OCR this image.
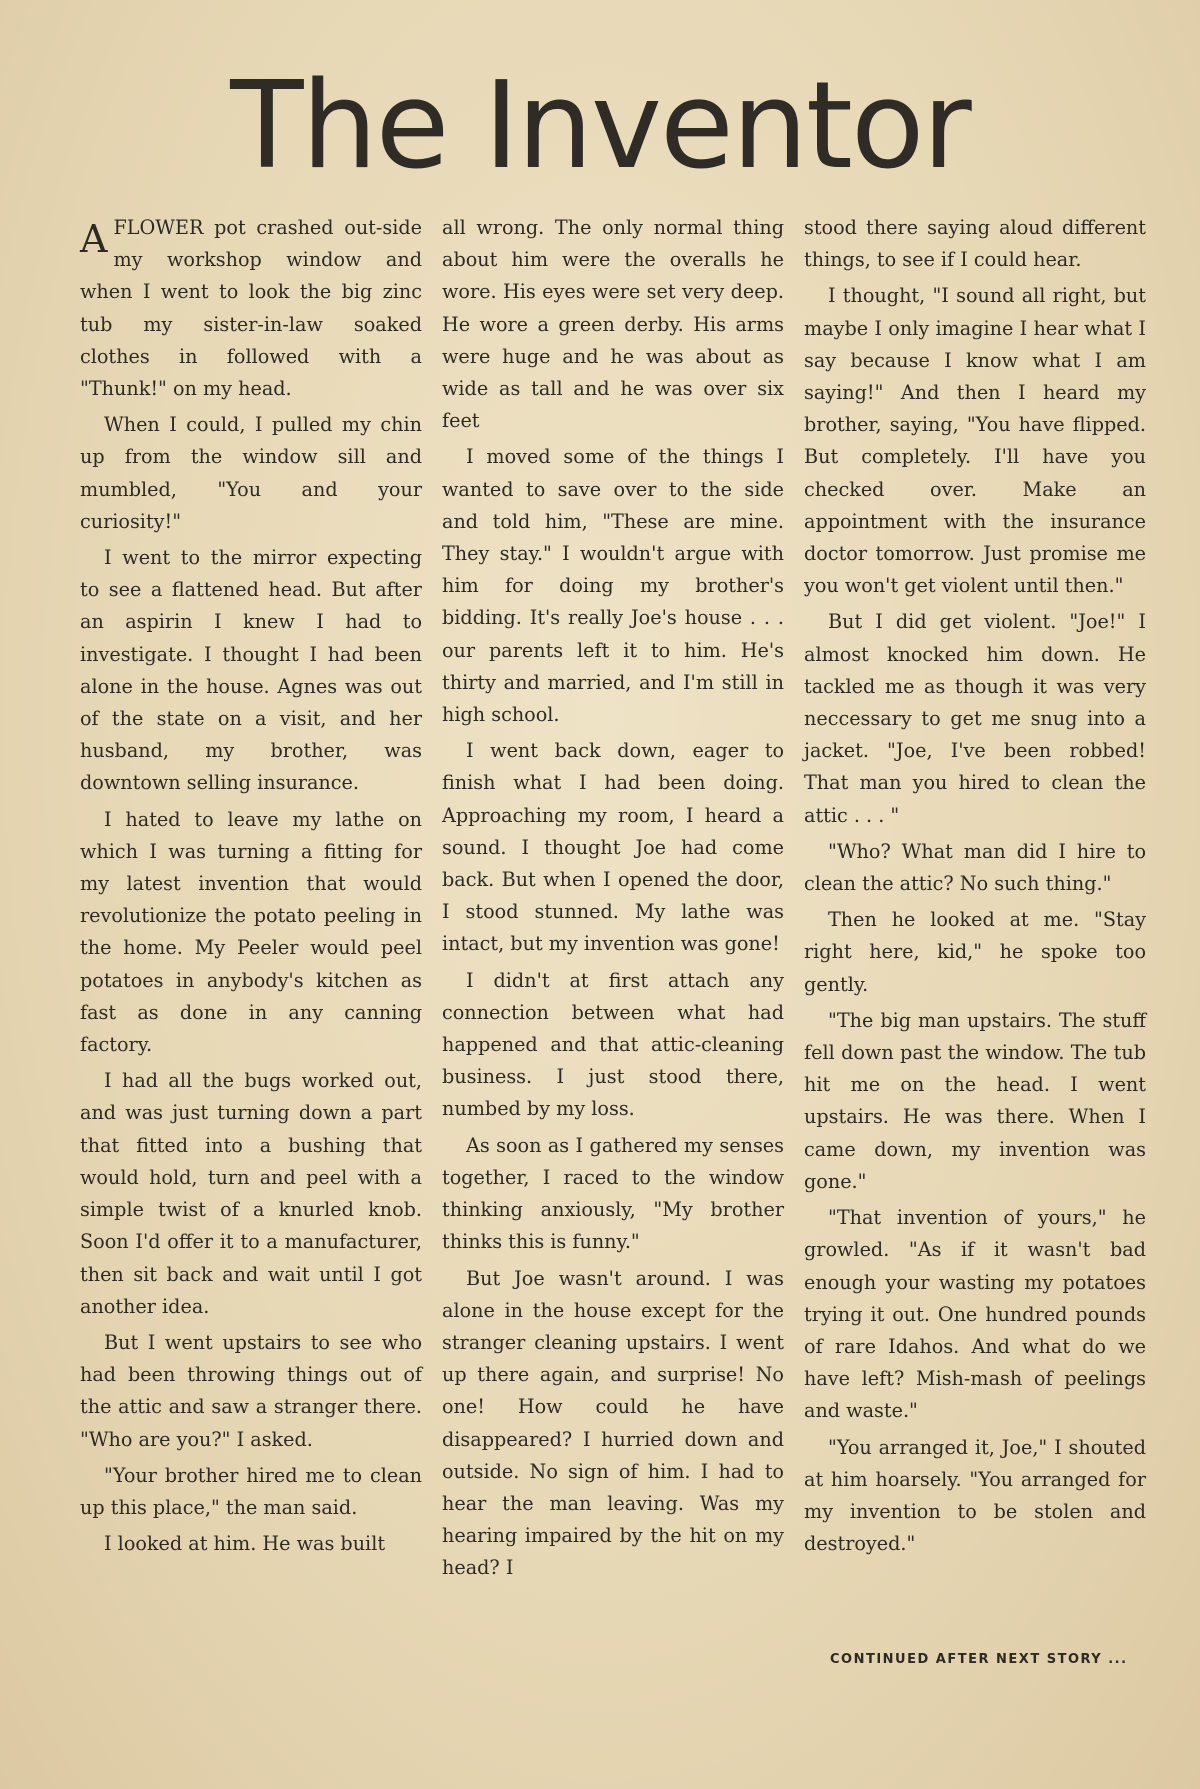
The Inventor

A FLOWER pot crashed out-side my workshop window and when I went to look the big zinc tub my sister-in-law soaked clothes in followed with a "Thunk!" on my head.

When I could, I pulled my chin up from the window sill and mumbled, "You and your curiosity!"

I went to the mirror expecting to see a flattened head. But after an aspirin I knew I had to investigate. I thought I had been alone in the house. Agnes was out of the state on a visit, and her husband, my brother, was downtown selling insurance.

I hated to leave my lathe on which I was turning a fitting for my latest invention that would revolutionize the potato peeling in the home. My Peeler would peel potatoes in anybody's kitchen as fast as done in any canning factory.

I had all the bugs worked out, and was just turning down a part that fitted into a bushing that would hold, turn and peel with a simple twist of a knurled knob. Soon I'd offer it to a manufacturer, then sit back and wait until I got another idea.

But I went upstairs to see who had been throwing things out of the attic and saw a stranger there. "Who are you?" I asked.

"Your brother hired me to clean up this place," the man said.

I looked at him. He was built

all wrong. The only normal thing about him were the overalls he wore. His eyes were set very deep. He wore a green derby. His arms were huge and he was about as wide as tall and he was over six feet

I moved some of the things I wanted to save over to the side and told him, "These are mine. They stay." I wouldn't argue with him for doing my brother's bidding. It's really Joe's house . . . our parents left it to him. He's thirty and married, and I'm still in high school.

I went back down, eager to finish what I had been doing. Approaching my room, I heard a sound. I thought Joe had come back. But when I opened the door, I stood stunned. My lathe was intact, but my invention was gone!

I didn't at first attach any connection between what had happened and that attic-cleaning business. I just stood there, numbed by my loss.

As soon as I gathered my senses together, I raced to the window thinking anxiously, "My brother thinks this is funny."

But Joe wasn't around. I was alone in the house except for the stranger cleaning upstairs. I went up there again, and surprise! No one! How could he have disappeared? I hurried down and outside. No sign of him. I had to hear the man leaving. Was my hearing impaired by the hit on my head? I

stood there saying aloud different things, to see if I could hear.

I thought, "I sound all right, but maybe I only imagine I hear what I say because I know what I am saying!" And then I heard my brother, saying, "You have flipped. But completely. I'll have you checked over. Make an appointment with the insurance doctor tomorrow. Just promise me you won't get violent until then."

But I did get violent. "Joe!" I almost knocked him down. He tackled me as though it was very neccessary to get me snug into a jacket. "Joe, I've been robbed! That man you hired to clean the attic . . . "

"Who? What man did I hire to clean the attic? No such thing."

Then he looked at me. "Stay right here, kid," he spoke too gently.

"The big man upstairs. The stuff fell down past the window. The tub hit me on the head. I went upstairs. He was there. When I came down, my invention was gone."

"That invention of yours," he growled. "As if it wasn't bad enough your wasting my potatoes trying it out. One hundred pounds of rare Idahos. And what do we have left? Mish-mash of peelings and waste."

"You arranged it, Joe," I shouted at him hoarsely. "You arranged for my invention to be stolen and destroyed."

CONTINUED AFTER NEXT STORY ...
